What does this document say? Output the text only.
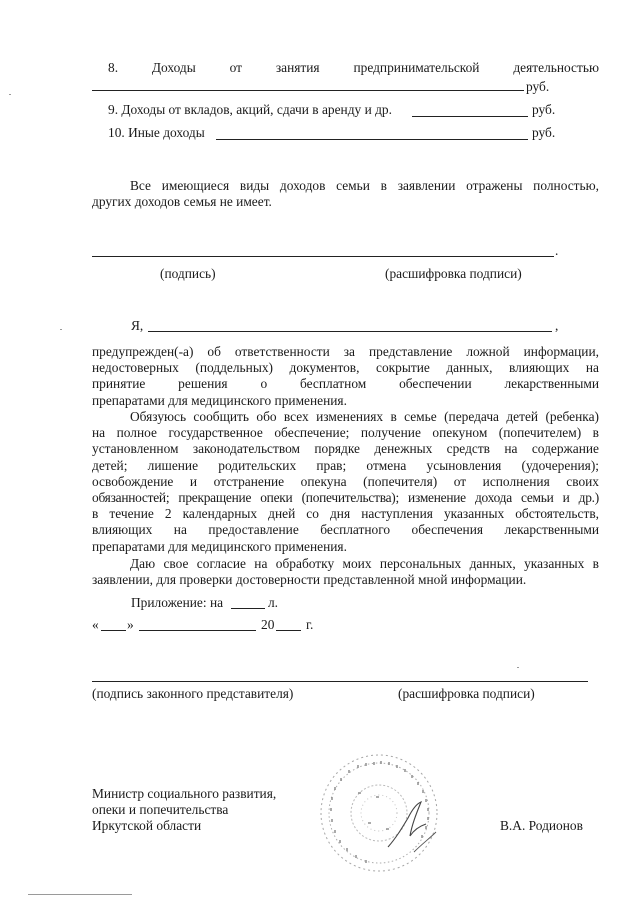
8.	Доходы	от	занятия	предпринимательской	деятельностью
руб.
9. Доходы от вкладов, акций, сдачи в аренду и др.	руб.
10. Иные доходы	руб.
Все имеющиеся виды доходов семьи в заявлении отражены полностью,
других доходов семья не имеет.
.
(подпись)	(расшифровка подписи)
Я,	,
предупрежден(-а) об ответственности за представление ложной информации,
недостоверных (поддельных) документов, сокрытие данных, влияющих на
принятие решения о бесплатном обеспечении лекарственными
препаратами для медицинского применения.
Обязуюсь сообщить обо всех изменениях в семье (передача детей (ребенка)
на полное государственное обеспечение; получение опекуном (попечителем) в
установленном законодательством порядке денежных средств на содержание
детей; лишение родительских прав; отмена усыновления (удочерения);
освобождение и отстранение опекуна (попечителя) от исполнения своих
обязанностей; прекращение опеки (попечительства); изменение дохода семьи и др.)
в течение 2 календарных дней со дня наступления указанных обстоятельств,
влияющих на предоставление бесплатного обеспечения лекарственными
препаратами для медицинского применения.
Даю свое согласие на обработку моих персональных данных, указанных в
заявлении, для проверки достоверности представленной мной информации.
Приложение: на	л.
« »	20 г.
(подпись законного представителя)	(расшифровка подписи)
Министр социального развития,
опеки и попечительства
Иркутской области	В.А. Родионов
